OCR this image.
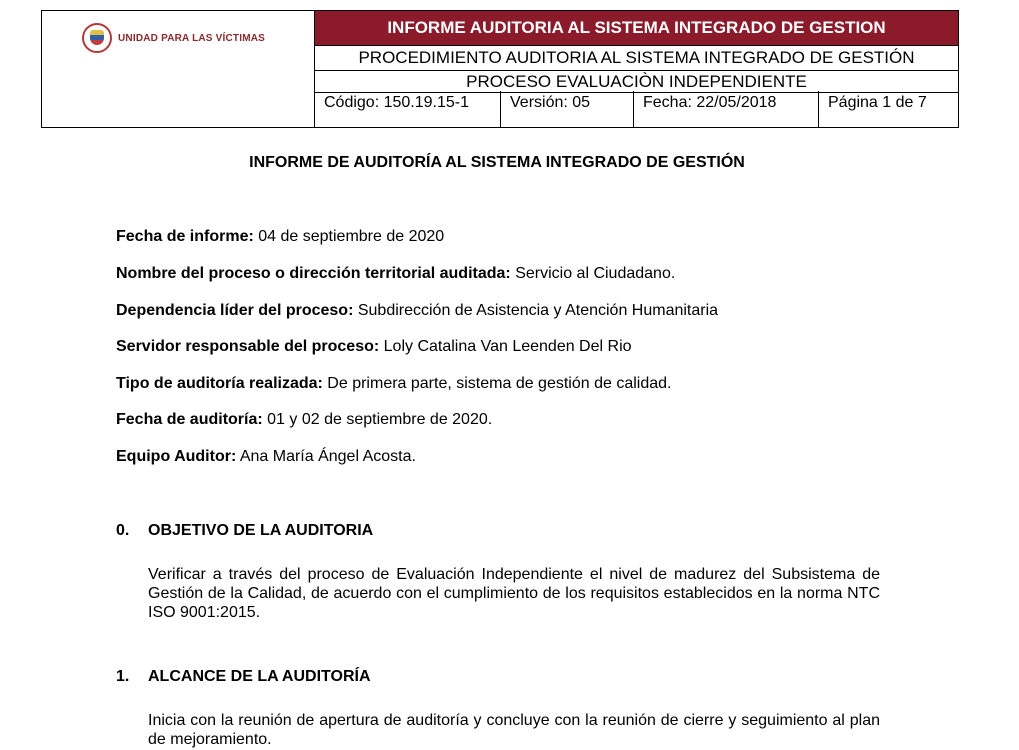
UNIDAD PARA LAS VÍCTIMAS
INFORME AUDITORIA AL SISTEMA INTEGRADO DE GESTION
PROCEDIMIENTO AUDITORIA AL SISTEMA INTEGRADO DE GESTIÓN
PROCESO EVALUACIÒN INDEPENDIENTE
Código: 150.19.15-1	Versión: 05	Fecha: 22/05/2018	Página 1 de 7
INFORME DE AUDITORÍA AL SISTEMA INTEGRADO DE GESTIÓN
Fecha de informe: 04 de septiembre de 2020
Nombre del proceso o dirección territorial auditada: Servicio al Ciudadano.
Dependencia líder del proceso: Subdirección de Asistencia y Atención Humanitaria
Servidor responsable del proceso: Loly Catalina Van Leenden Del Rio
Tipo de auditoría realizada: De primera parte, sistema de gestión de calidad.
Fecha de auditoría: 01 y 02 de septiembre de 2020.
Equipo Auditor: Ana María Ángel Acosta.
0. OBJETIVO DE LA AUDITORIA
Verificar a través del proceso de Evaluación Independiente el nivel de madurez del Subsistema de Gestión de la Calidad, de acuerdo con el cumplimiento de los requisitos establecidos en la norma NTC ISO 9001:2015.
1. ALCANCE DE LA AUDITORÍA
Inicia con la reunión de apertura de auditoría y concluye con la reunión de cierre y seguimiento al plan de mejoramiento.
